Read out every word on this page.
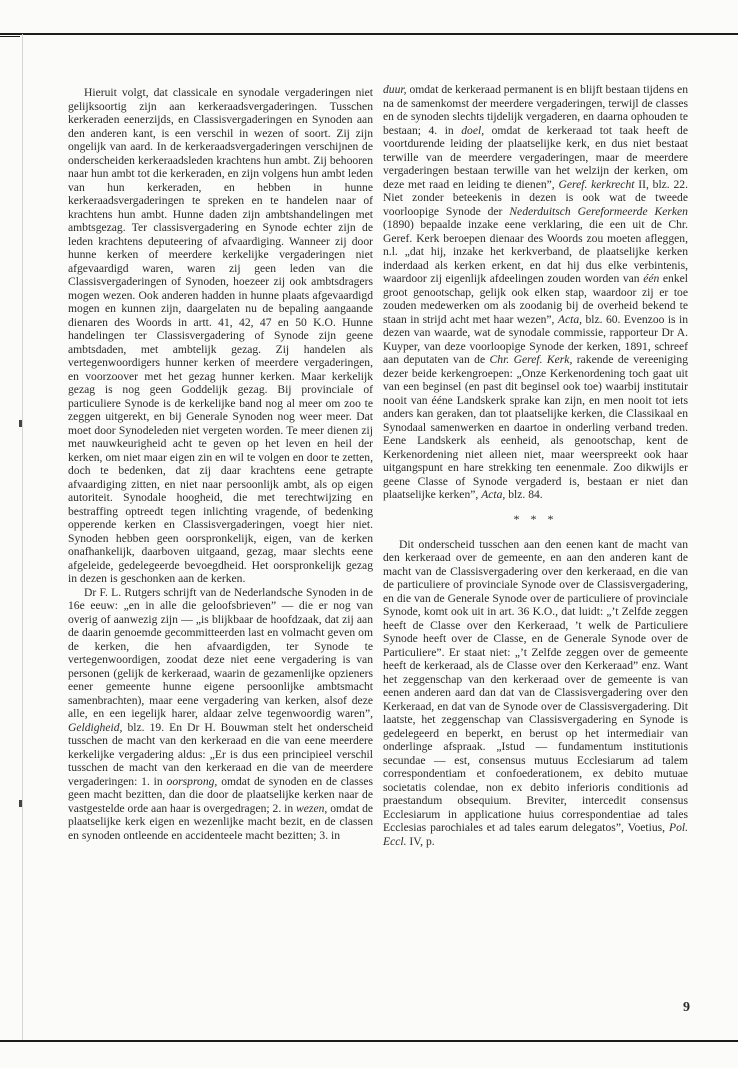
Hieruit volgt, dat classicale en synodale vergaderingen niet gelijksoortig zijn aan kerkeraadsvergaderingen. Tusschen kerkeraden eenerzijds, en Classisvergaderingen en Synoden aan den anderen kant, is een verschil in wezen of soort. Zij zijn ongelijk van aard. In de kerkeraadsvergaderingen verschijnen de onderscheiden kerkeraadsleden krachtens hun ambt. Zij behooren naar hun ambt tot die kerkeraden, en zijn volgens hun ambt leden van hun kerkeraden, en hebben in hunne kerkeraadsvergaderingen te spreken en te handelen naar of krachtens hun ambt. Hunne daden zijn ambtshandelingen met ambtsgezag. Ter classisvergadering en Synode echter zijn de leden krachtens deputeering of afvaardiging. Wanneer zij door hunne kerken of meerdere kerkelijke vergaderingen niet afgevaardigd waren, waren zij geen leden van die Classisvergaderingen of Synoden, hoezeer zij ook ambtsdragers mogen wezen. Ook anderen hadden in hunne plaats afgevaardigd mogen en kunnen zijn, daargelaten nu de bepaling aangaande dienaren des Woords in artt. 41, 42, 47 en 50 K.O. Hunne handelingen ter Classisvergadering of Synode zijn geene ambtsdaden, met ambtelijk gezag. Zij handelen als vertegenwoordigers hunner kerken of meerdere vergaderingen, en voorzoover met het gezag hunner kerken. Maar kerkelijk gezag is nog geen Goddelijk gezag. Bij provinciale of particuliere Synode is de kerkelijke band nog al meer om zoo te zeggen uitgerekt, en bij Generale Synoden nog weer meer. Dat moet door Synodeleden niet vergeten worden. Te meer dienen zij met nauwkeurigheid acht te geven op het leven en heil der kerken, om niet maar eigen zin en wil te volgen en door te zetten, doch te bedenken, dat zij daar krachtens eene getrapte afvaardiging zitten, en niet naar persoonlijk ambt, als op eigen autoriteit. Synodale hoogheid, die met terechtwijzing en bestraffing optreedt tegen inlichting vragende, of bedenking opperende kerken en Classisvergaderingen, voegt hier niet. Synoden hebben geen oorspronkelijk, eigen, van de kerken onafhankelijk, daarboven uitgaand, gezag, maar slechts eene afgeleide, gedelegeerde bevoegdheid. Het oorspronkelijk gezag in dezen is geschonken aan de kerken.

Dr F. L. Rutgers schrijft van de Nederlandsche Synoden in de 16e eeuw: „en in alle die geloofsbrieven” — die er nog van overig of aanwezig zijn — „is blijkbaar de hoofdzaak, dat zij aan de daarin genoemde gecommitteerden last en volmacht geven om de kerken, die hen afvaardigden, ter Synode te vertegenwoordigen, zoodat deze niet eene vergadering is van personen (gelijk de kerkeraad, waarin de gezamenlijke opzieners eener gemeente hunne eigene persoonlijke ambtsmacht samenbrachten), maar eene vergadering van kerken, alsof deze alle, en een iegelijk harer, aldaar zelve tegenwoordig waren”, Geldigheid, blz. 19. En Dr H. Bouwman stelt het onderscheid tusschen de macht van den kerkeraad en die van eene meerdere kerkelijke vergadering aldus: „Er is dus een principieel verschil tusschen de macht van den kerkeraad en die van de meerdere vergaderingen: 1. in oorsprong, omdat de synoden en de classes geen macht bezitten, dan die door de plaatselijke kerken naar de vastgestelde orde aan haar is overgedragen; 2. in wezen, omdat de plaatselijke kerk eigen en wezenlijke macht bezit, en de classen en synoden ontleende en accidenteele macht bezitten; 3. in

duur, omdat de kerkeraad permanent is en blijft bestaan tijdens en na de samenkomst der meerdere vergaderingen, terwijl de classes en de synoden slechts tijdelijk vergaderen, en daarna ophouden te bestaan; 4. in doel, omdat de kerkeraad tot taak heeft de voortdurende leiding der plaatselijke kerk, en dus niet bestaat terwille van de meerdere vergaderingen, maar de meerdere vergaderingen bestaan terwille van het welzijn der kerken, om deze met raad en leiding te dienen”, Geref. kerkrecht II, blz. 22. Niet zonder beteekenis in dezen is ook wat de tweede voorloopige Synode der Nederduitsch Gereformeerde Kerken (1890) bepaalde inzake eene verklaring, die een uit de Chr. Geref. Kerk beroepen dienaar des Woords zou moeten afleggen, n.l. „dat hij, inzake het kerkverband, de plaatselijke kerken inderdaad als kerken erkent, en dat hij dus elke verbintenis, waardoor zij eigenlijk afdeelingen zouden worden van één enkel groot genootschap, gelijk ook elken stap, waardoor zij er toe zouden medewerken om als zoodanig bij de overheid bekend te staan in strijd acht met haar wezen”, Acta, blz. 60. Evenzoo is in dezen van waarde, wat de synodale commissie, rapporteur Dr A. Kuyper, van deze voorloopige Synode der kerken, 1891, schreef aan deputaten van de Chr. Geref. Kerk, rakende de vereeniging dezer beide kerkengroepen: „Onze Kerkenordening toch gaat uit van een beginsel (en past dit beginsel ook toe) waarbij institutair nooit van ééne Landskerk sprake kan zijn, en men nooit tot iets anders kan geraken, dan tot plaatselijke kerken, die Classikaal en Synodaal samenwerken en daartoe in onderling verband treden. Eene Landskerk als eenheid, als genootschap, kent de Kerkenordening niet alleen niet, maar weerspreekt ook haar uitgangspunt en hare strekking ten eenenmale. Zoo dikwijls er geene Classe of Synode vergaderd is, bestaan er niet dan plaatselijke kerken”, Acta, blz. 84.

* * *

Dit onderscheid tusschen aan den eenen kant de macht van den kerkeraad over de gemeente, en aan den anderen kant de macht van de Classisvergadering over den kerkeraad, en die van de particuliere of provinciale Synode over de Classisvergadering, en die van de Generale Synode over de particuliere of provinciale Synode, komt ook uit in art. 36 K.O., dat luidt: „’t Zelfde zeggen heeft de Classe over den Kerkeraad, ’t welk de Particuliere Synode heeft over de Classe, en de Generale Synode over de Particuliere”. Er staat niet: „’t Zelfde zeggen over de gemeente heeft de kerkeraad, als de Classe over den Kerkeraad” enz. Want het zeggenschap van den kerkeraad over de gemeente is van eenen anderen aard dan dat van de Classisvergadering over den Kerkeraad, en dat van de Synode over de Classisvergadering. Dit laatste, het zeggenschap van Classisvergadering en Synode is gedelegeerd en beperkt, en berust op het intermediair van onderlinge afspraak. „Istud — fundamentum institutionis secundae — est, consensus mutuus Ecclesiarum ad talem correspondentiam et confoederationem, ex debito mutuae societatis colendae, non ex debito inferioris conditionis ad praestandum obsequium. Breviter, intercedit consensus Ecclesiarum in applicatione huius correspondentiae ad tales Ecclesias parochiales et ad tales earum delegatos”, Voetius, Pol. Eccl. IV, p.

9
